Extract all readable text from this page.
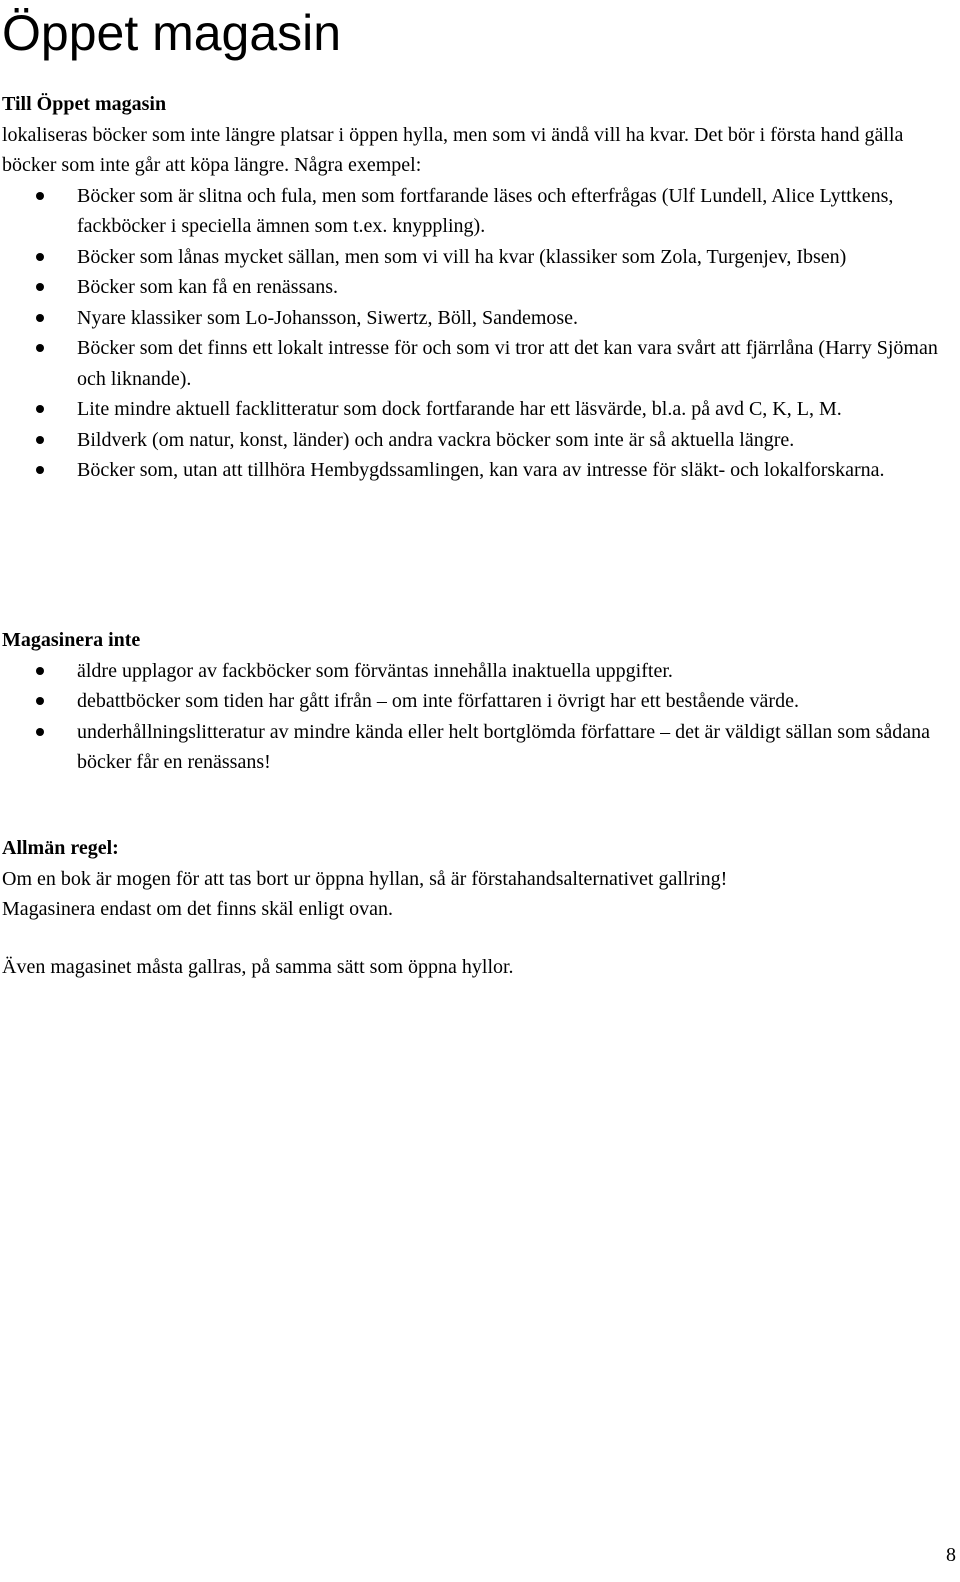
Öppet magasin

Till Öppet magasin

lokaliseras böcker som inte längre platsar i öppen hylla, men som vi ändå vill ha kvar. Det bör i första hand gälla böcker som inte går att köpa längre. Några exempel:

Böcker som är slitna och fula, men som fortfarande läses och efterfrågas (Ulf Lundell, Alice Lyttkens, fackböcker i speciella ämnen som t.ex. knyppling).
Böcker som lånas mycket sällan, men som vi vill ha kvar (klassiker som Zola, Turgenjev, Ibsen)
Böcker som kan få en renässans.
Nyare klassiker som Lo-Johansson, Siwertz, Böll, Sandemose.
Böcker som det finns ett lokalt intresse för och som vi tror att det kan vara svårt att fjärrlåna (Harry Sjöman och liknande).
Lite mindre aktuell facklitteratur som dock fortfarande har ett läsvärde, bl.a. på avd C, K, L, M.
Bildverk (om natur, konst, länder) och andra vackra böcker som inte är så aktuella längre.
Böcker som, utan att tillhöra Hembygdssamlingen, kan vara av intresse för släkt- och lokalforskarna.

Magasinera inte

äldre upplagor av fackböcker som förväntas innehålla inaktuella uppgifter.
debattböcker som tiden har gått ifrån – om inte författaren i övrigt har ett bestående värde.
underhållningslitteratur av mindre kända eller helt bortglömda författare – det är väldigt sällan som sådana böcker får en renässans!

Allmän regel:

Om en bok är mogen för att tas bort ur öppna hyllan, så är förstahandsalternativet gallring!

Magasinera endast om det finns skäl enligt ovan.

Även magasinet måsta gallras, på samma sätt som öppna hyllor.

8
